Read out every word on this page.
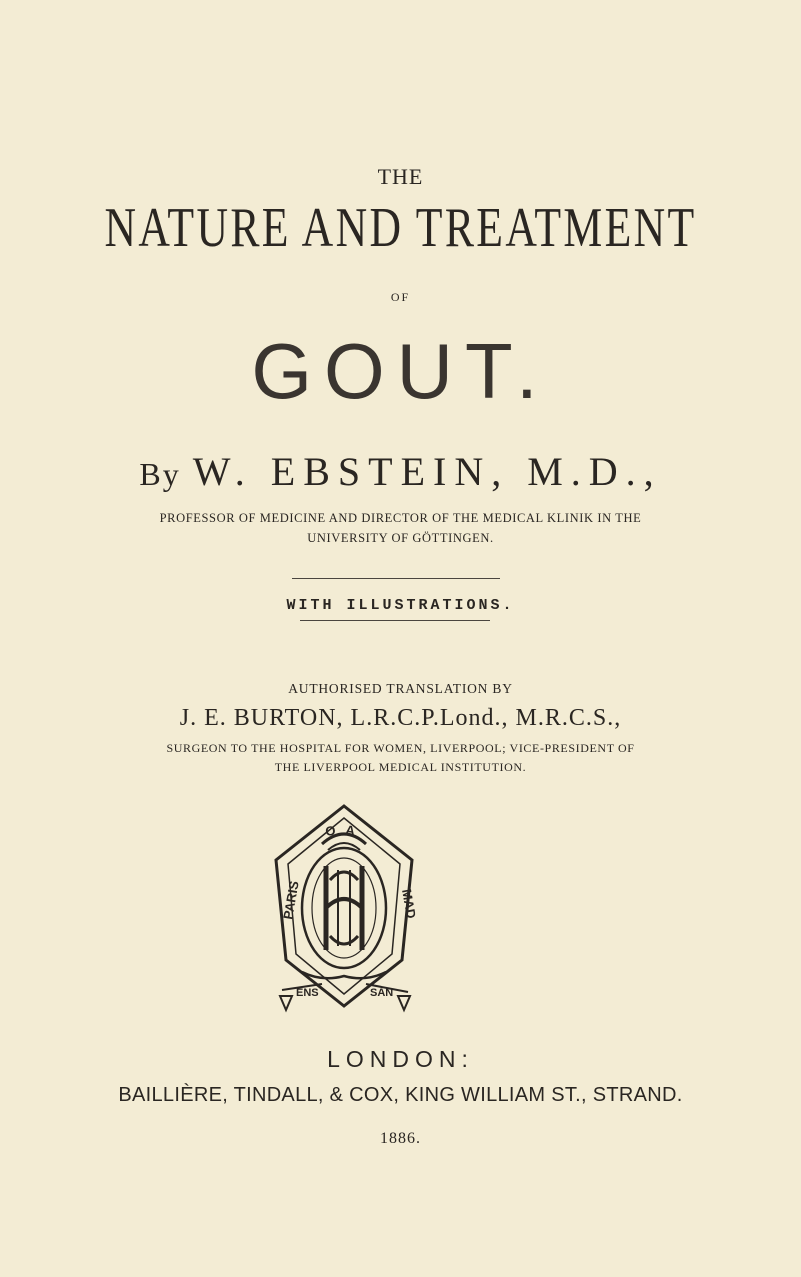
THE
NATURE AND TREATMENT
OF
GOUT.
By W. EBSTEIN, M.D.,
PROFESSOR OF MEDICINE AND DIRECTOR OF THE MEDICAL KLINIK IN THE
UNIVERSITY OF GÖTTINGEN.
WITH ILLUSTRATIONS.
AUTHORISED TRANSLATION BY
J. E. BURTON, L.R.C.P.Lond., M.R.C.S.,
SURGEON TO THE HOSPITAL FOR WOMEN, LIVERPOOL; VICE-PRESIDENT OF
THE LIVERPOOL MEDICAL INSTITUTION.
O A
PARIS	MAD
ENS	SAN
LONDON:
BAILLIÈRE, TINDALL, & COX, KING WILLIAM ST., STRAND.
1886.
